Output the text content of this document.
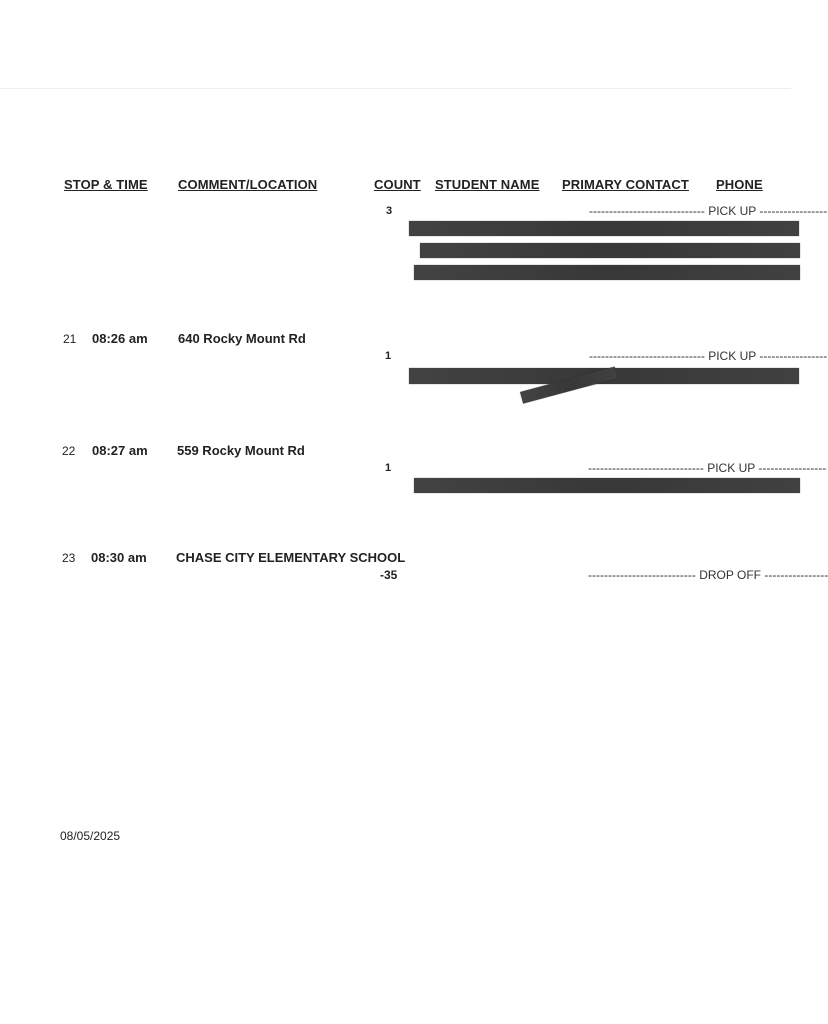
STOP & TIME COMMENT/LOCATION	COUNT STUDENT NAME PRIMARY CONTACT PHONE
3	----------------------------- PICK UP -----------------
21 08:26 am 640 Rocky Mount Rd
1	----------------------------- PICK UP -----------------
22 08:27 am 559 Rocky Mount Rd
1	----------------------------- PICK UP -----------------
23 08:30 am CHASE CITY ELEMENTARY SCHOOL
-35	--------------------------- DROP OFF ----------------
08/05/2025
